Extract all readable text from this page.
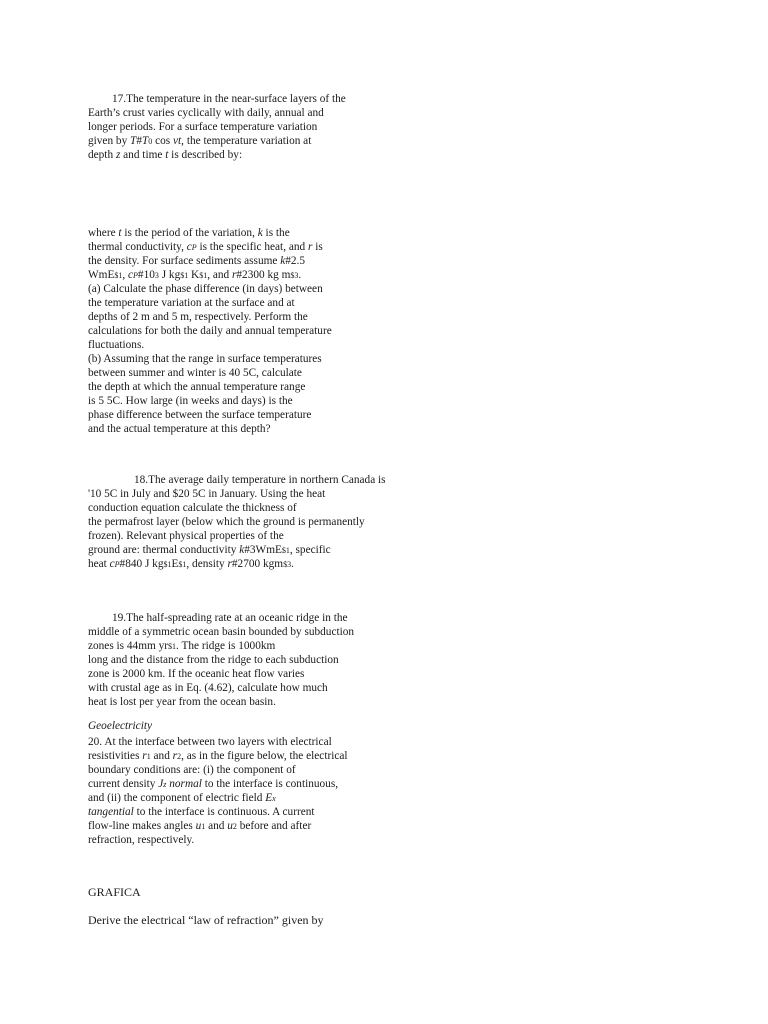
17.The temperature in the near-surface layers of the
Earth’s crust varies cyclically with daily, annual and
longer periods. For a surface temperature variation
given by T#T0 cos vt, the temperature variation at
depth z and time t is described by:
where t is the period of the variation, k is the
thermal conductivity, cP is the specific heat, and r is
the density. For surface sediments assume k#2.5
WmE$1, cP#103 J kg$1 K$1, and r#2300 kg m$3.
(a) Calculate the phase difference (in days) between
the temperature variation at the surface and at
depths of 2 m and 5 m, respectively. Perform the
calculations for both the daily and annual temperature
fluctuations.
(b) Assuming that the range in surface temperatures
between summer and winter is 40 5C, calculate
the depth at which the annual temperature range
is 5 5C. How large (in weeks and days) is the
phase difference between the surface temperature
and the actual temperature at this depth?
18.The average daily temperature in northern Canada is
'10 5C in July and $20 5C in January. Using the heat
conduction equation calculate the thickness of
the permafrost layer (below which the ground is permanently
frozen). Relevant physical properties of the
ground are: thermal conductivity k#3WmE$1, specific
heat cP#840 J kg$1E$1, density r#2700 kgm$3.
19.The half-spreading rate at an oceanic ridge in the
middle of a symmetric ocean basin bounded by subduction
zones is 44mm yr$1. The ridge is 1000km
long and the distance from the ridge to each subduction
zone is 2000 km. If the oceanic heat flow varies
with crustal age as in Eq. (4.62), calculate how much
heat is lost per year from the ocean basin.
Geoelectricity
20. At the interface between two layers with electrical
resistivities r1 and r2, as in the figure below, the electrical
boundary conditions are: (i) the component of
current density Jz normal to the interface is continuous,
and (ii) the component of electric field Ex
tangential to the interface is continuous. A current
flow-line makes angles u1 and u2 before and after
refraction, respectively.
GRAFICA
Derive the electrical “law of refraction” given by
